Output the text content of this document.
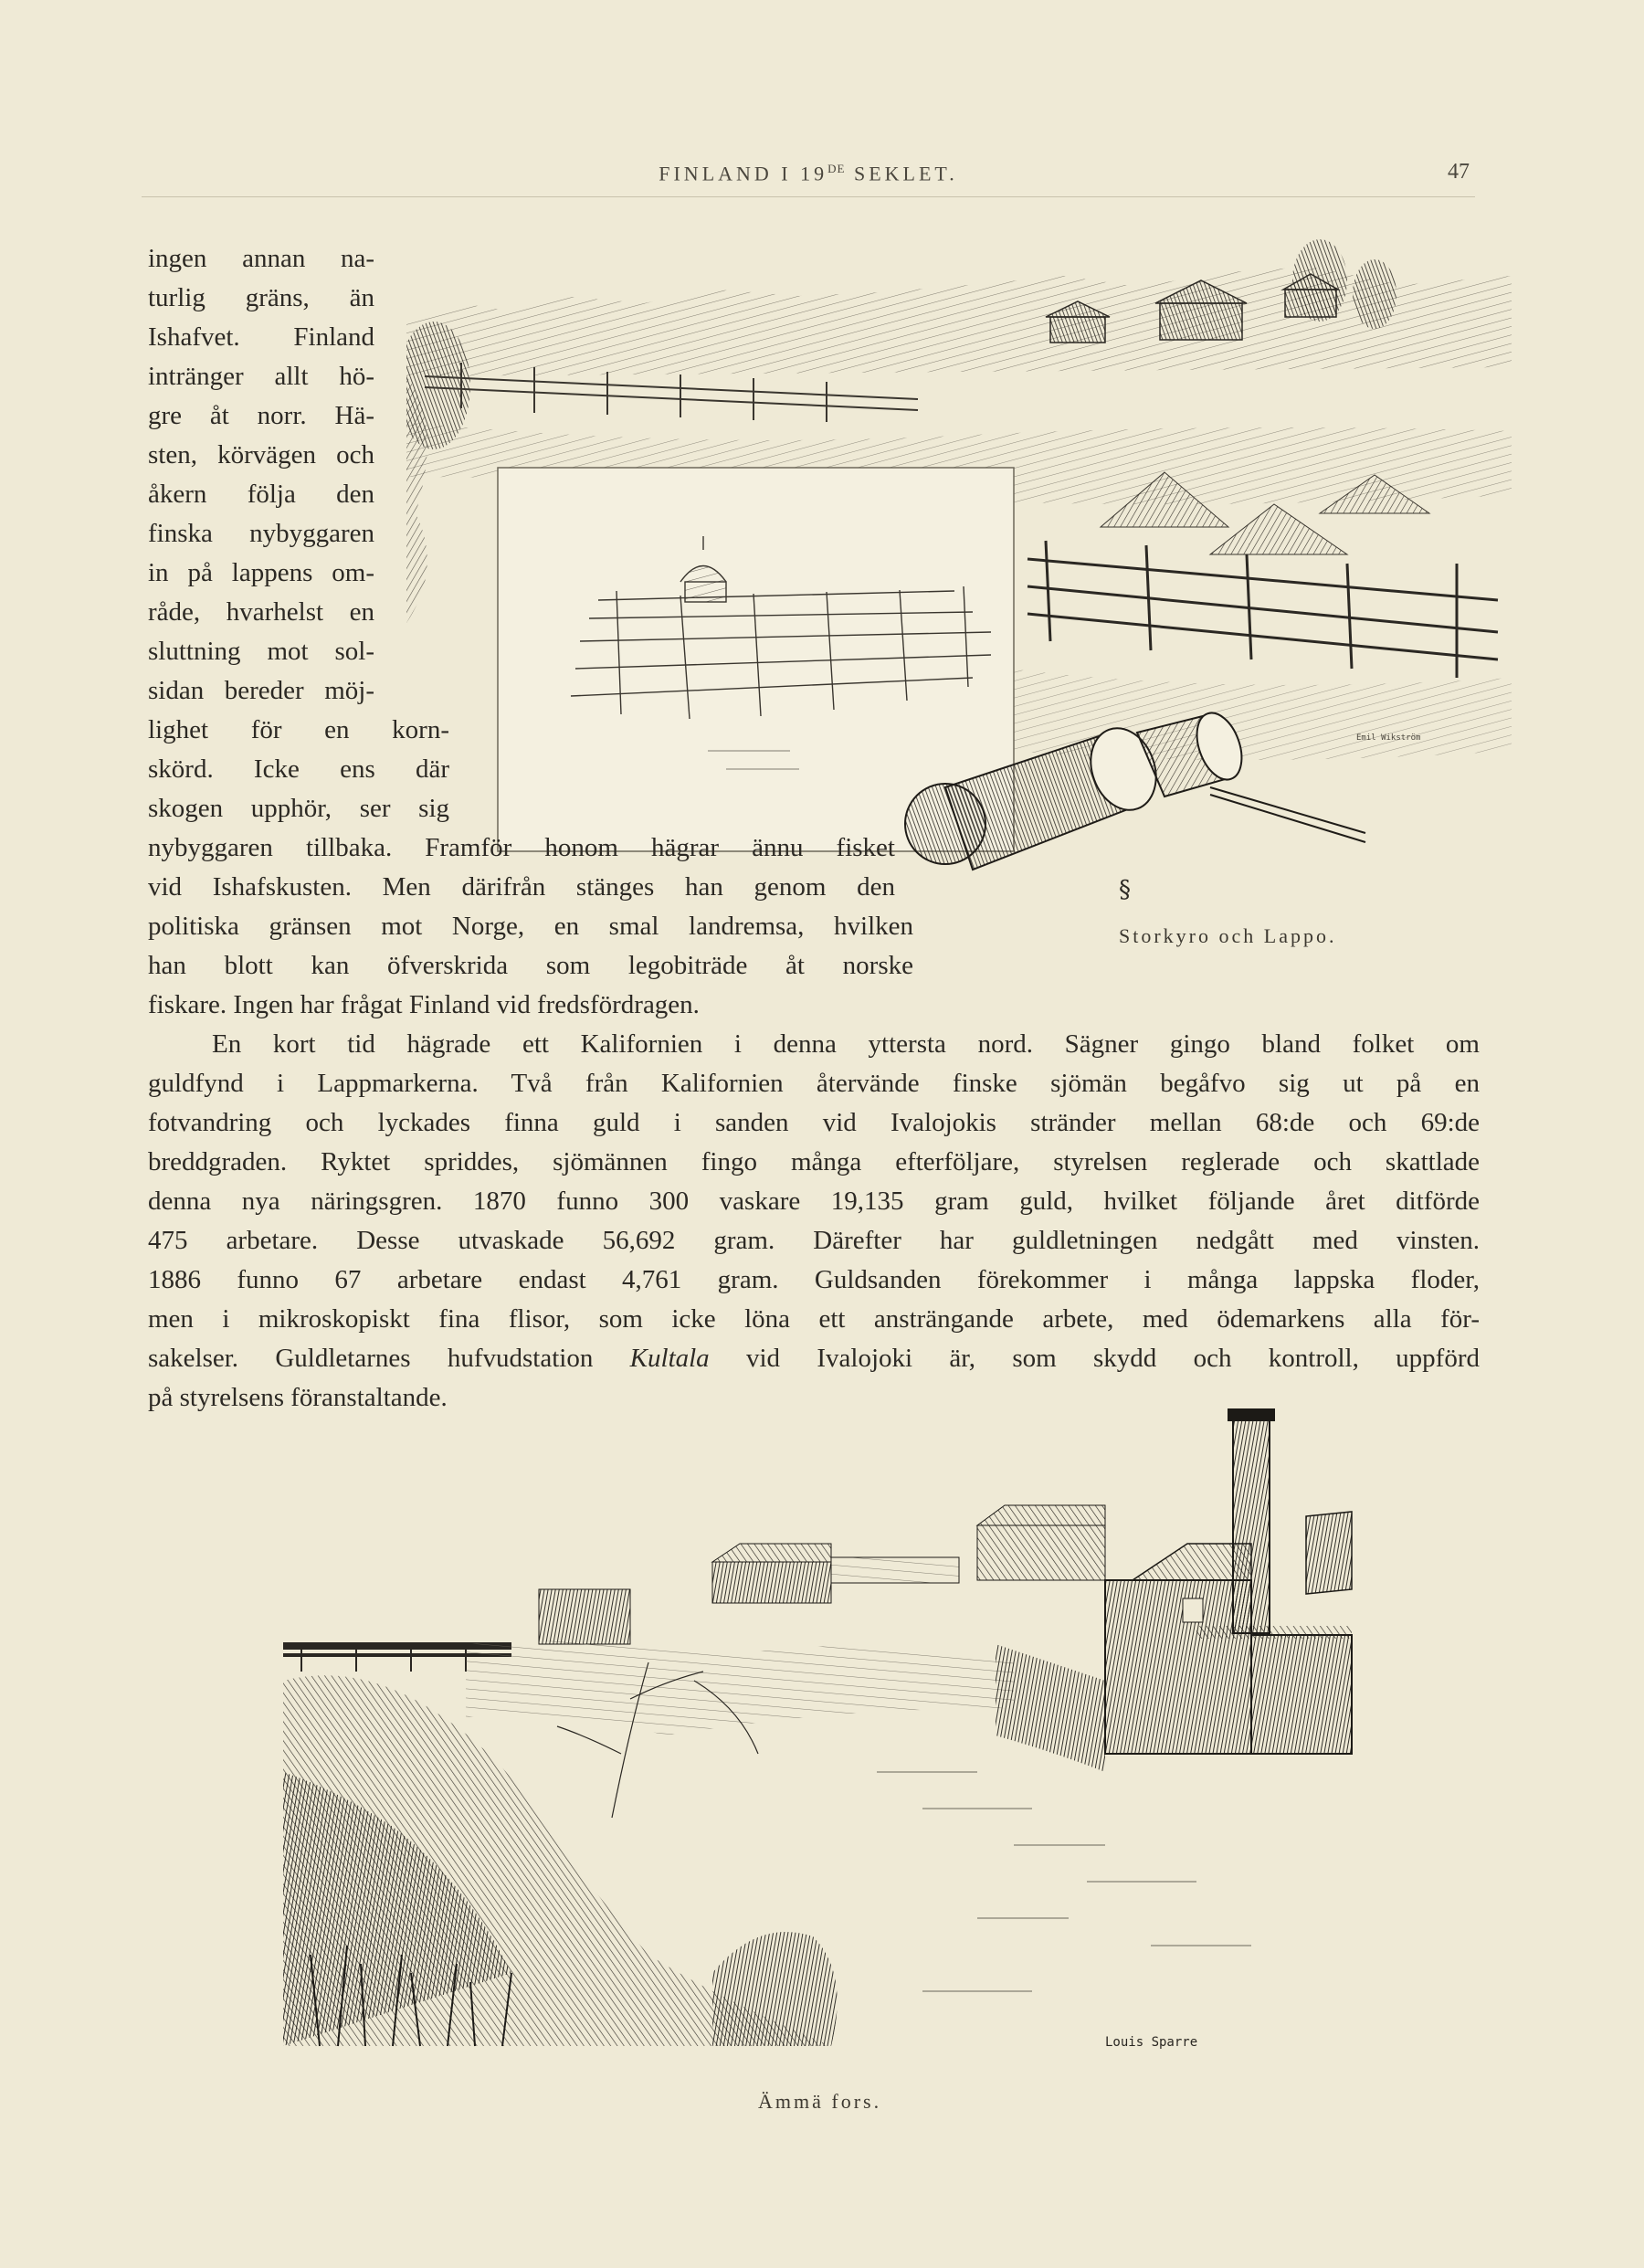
FINLAND I 19DE SEKLET.	47
§
Emil Wikström
Storkyro och Lappo.
ingen annan na-
turlig gräns, än
Ishafvet. Finland
intränger allt hö-
gre åt norr. Hä-
sten, körvägen och
åkern följa den
finska nybyggaren
in på lappens om-
råde, hvarhelst en
sluttning mot sol-
sidan bereder möj-
lighet för en korn-
skörd. Icke ens där
skogen upphör, ser sig
nybyggaren tillbaka. Framför honom hägrar ännu fisket
vid Ishafskusten. Men därifrån stänges han genom den
politiska gränsen mot Norge, en smal landremsa, hvilken
han blott kan öfverskrida som legobiträde åt norske
fiskare. Ingen har frågat Finland vid fredsfördragen.
En kort tid hägrade ett Kalifornien i denna yttersta nord. Sägner gingo bland folket om
guldfynd i Lappmarkerna. Två från Kalifornien återvände finske sjömän begåfvo sig ut på en
fotvandring och lyckades finna guld i sanden vid Ivalojokis stränder mellan 68:de och 69:de
breddgraden. Ryktet spriddes, sjömännen fingo många efterföljare, styrelsen reglerade och skattlade
denna nya näringsgren. 1870 funno 300 vaskare 19,135 gram guld, hvilket följande året ditförde
475 arbetare. Desse utvaskade 56,692 gram. Därefter har guldletningen nedgått med vinsten.
1886 funno 67 arbetare endast 4,761 gram. Guldsanden förekommer i många lappska floder,
men i mikroskopiskt fina flisor, som icke löna ett ansträngande arbete, med ödemarkens alla för-
sakelser. Guldletarnes hufvudstation Kultala vid Ivalojoki är, som skydd och kontroll, uppförd
på styrelsens föranstaltande.
Louis Sparre
Ämmä fors.
